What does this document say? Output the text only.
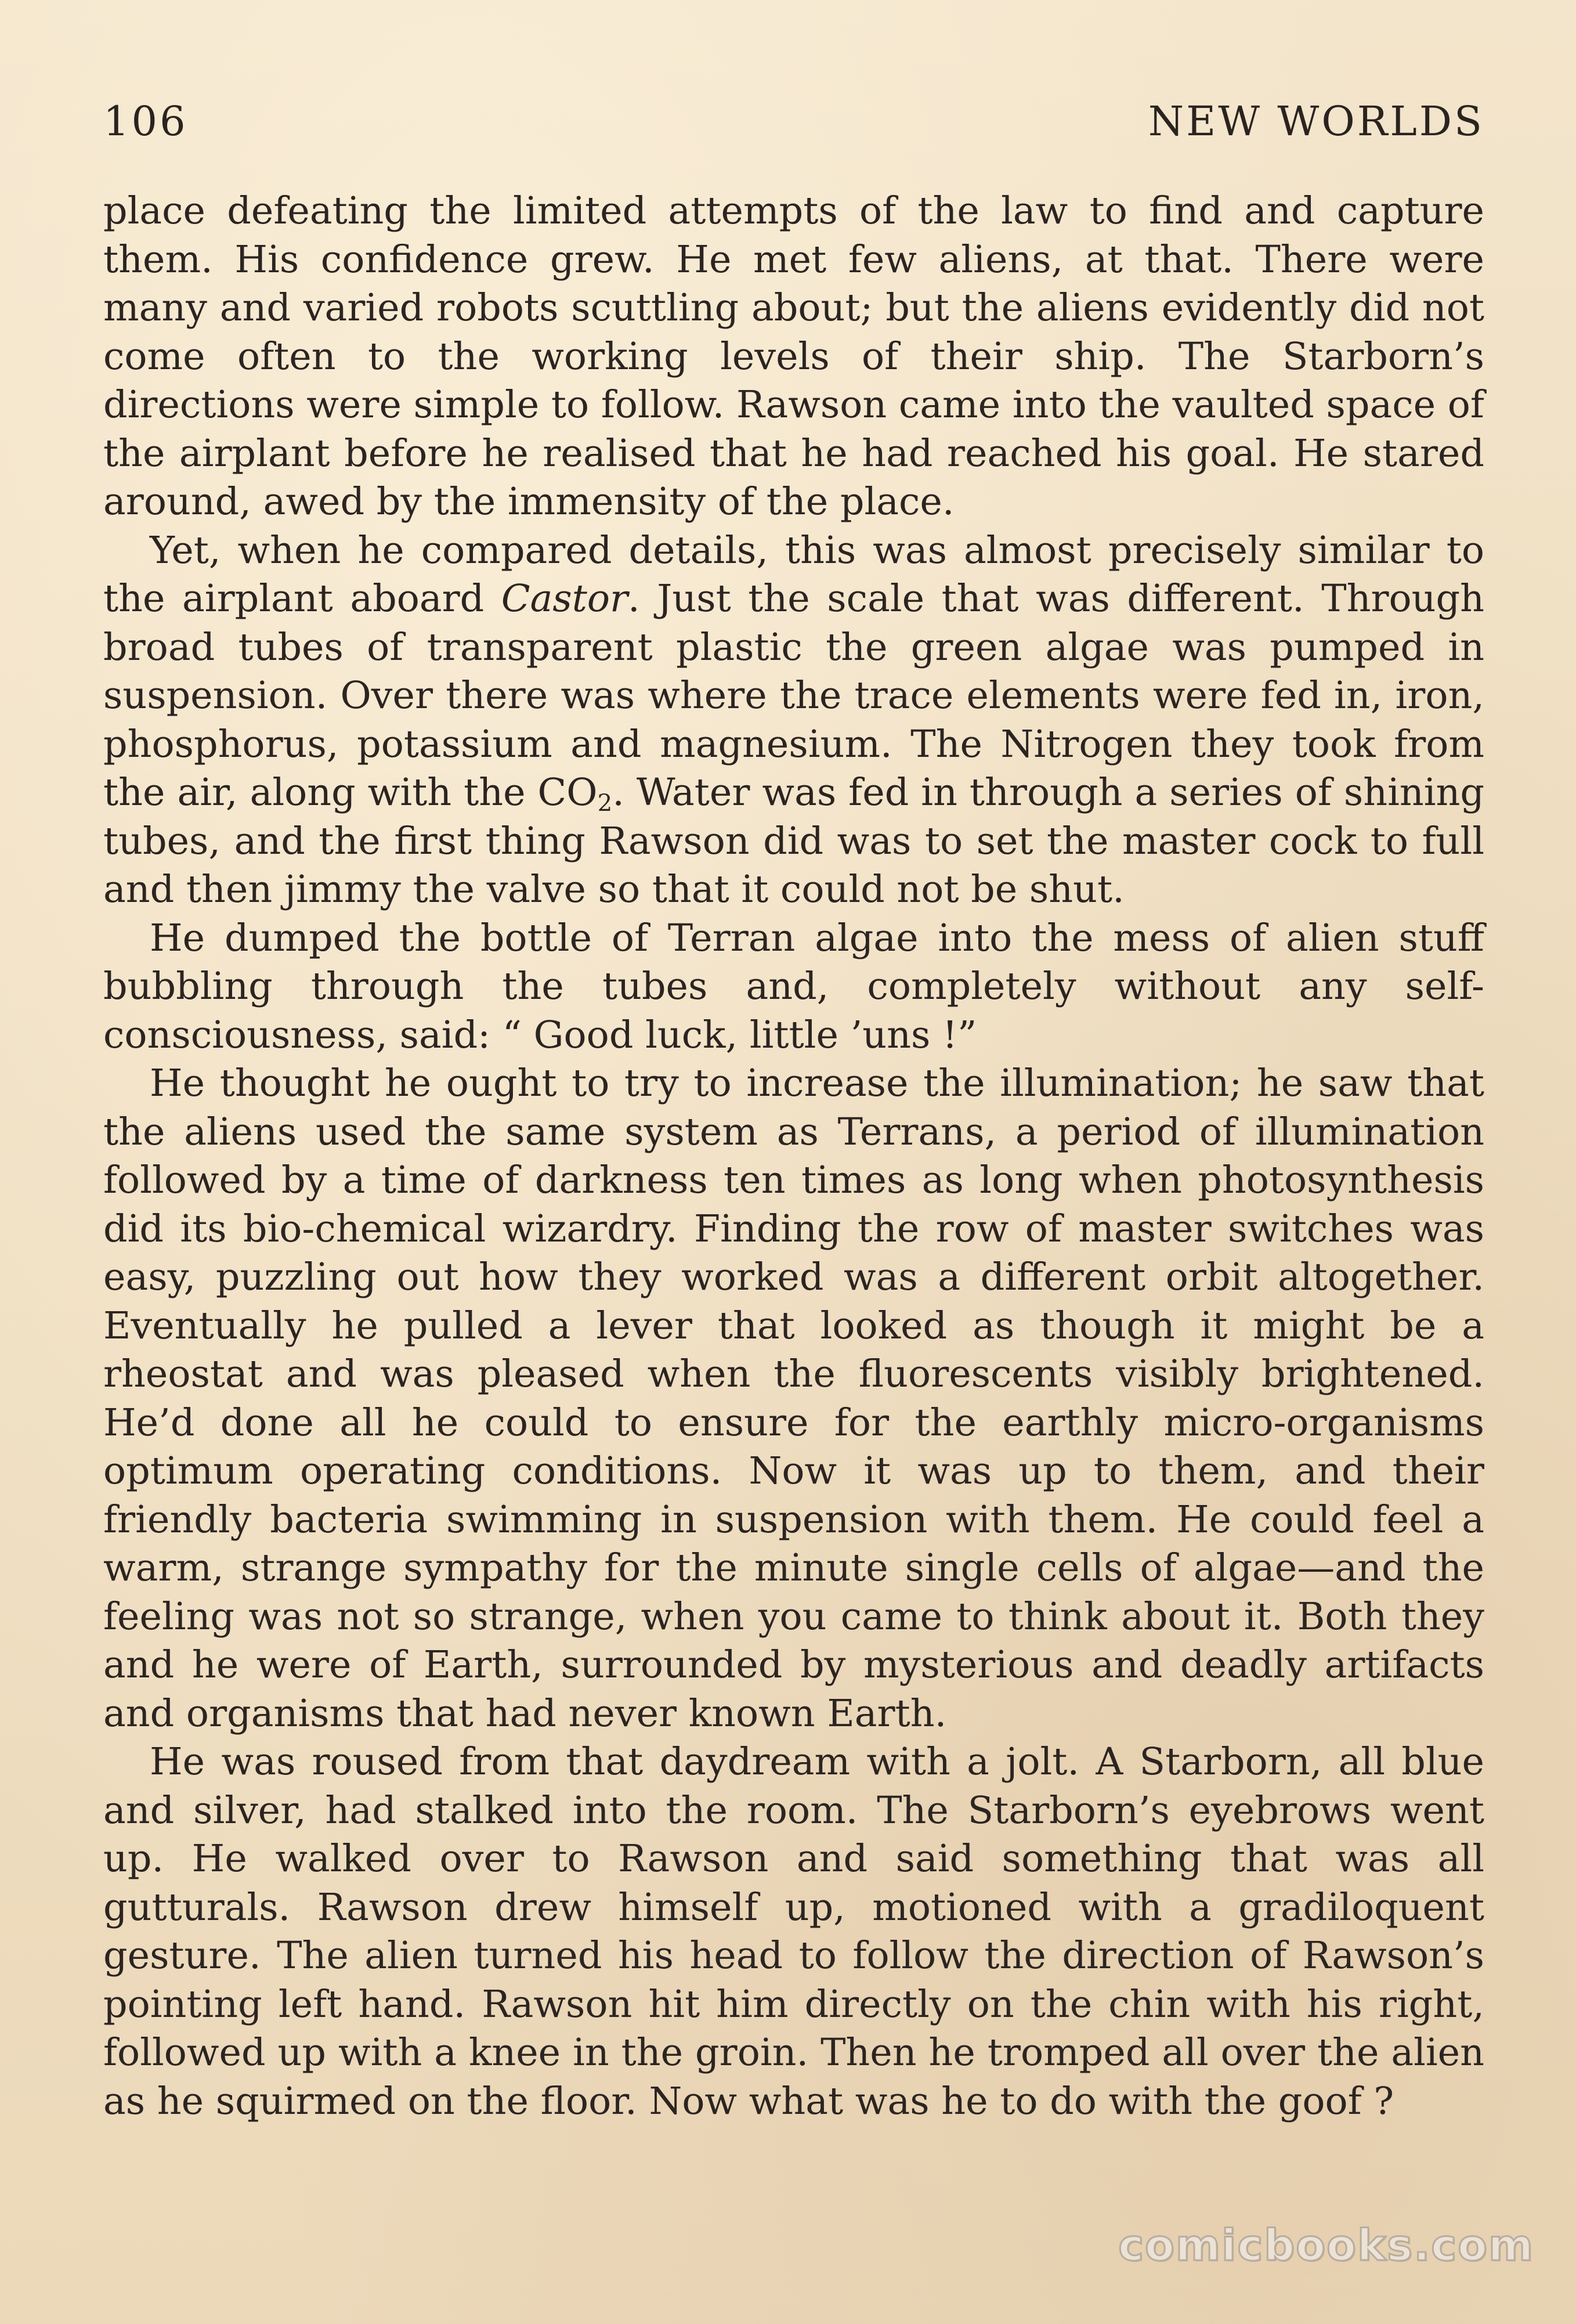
106	NEW WORLDS

place defeating the limited attempts of the law to find and capture them. His confidence grew. He met few aliens, at that. There were many and varied robots scuttling about; but the aliens evidently did not come often to the working levels of their ship. The Starborn’s directions were simple to follow. Rawson came into the vaulted space of the airplant before he realised that he had reached his goal. He stared around, awed by the immensity of the place.

Yet, when he compared details, this was almost precisely similar to the airplant aboard Castor. Just the scale that was different. Through broad tubes of transparent plastic the green algae was pumped in suspension. Over there was where the trace elements were fed in, iron, phosphorus, potassium and magnesium. The Nitrogen they took from the air, along with the $CO_2$. Water was fed in through a series of shining tubes, and the first thing Rawson did was to set the master cock to full and then jimmy the valve so that it could not be shut.

He dumped the bottle of Terran algae into the mess of alien stuff bubbling through the tubes and, completely without any self-consciousness, said: “ Good luck, little ’uns !”

He thought he ought to try to increase the illumination; he saw that the aliens used the same system as Terrans, a period of illumination followed by a time of darkness ten times as long when photosynthesis did its bio-chemical wizardry. Finding the row of master switches was easy, puzzling out how they worked was a different orbit altogether. Eventually he pulled a lever that looked as though it might be a rheostat and was pleased when the fluorescents visibly brightened. He’d done all he could to ensure for the earthly micro-organisms optimum operating conditions. Now it was up to them, and their friendly bacteria swimming in suspension with them. He could feel a warm, strange sympathy for the minute single cells of algae—and the feeling was not so strange, when you came to think about it. Both they and he were of Earth, surrounded by mysterious and deadly artifacts and organisms that had never known Earth.

He was roused from that daydream with a jolt. A Starborn, all blue and silver, had stalked into the room. The Starborn’s eyebrows went up. He walked over to Rawson and said something that was all gutturals. Rawson drew himself up, motioned with a gradiloquent gesture. The alien turned his head to follow the direction of Rawson’s pointing left hand. Rawson hit him directly on the chin with his right, followed up with a knee in the groin. Then he tromped all over the alien as he squirmed on the floor. Now what was he to do with the goof ?

comicbooks.com
